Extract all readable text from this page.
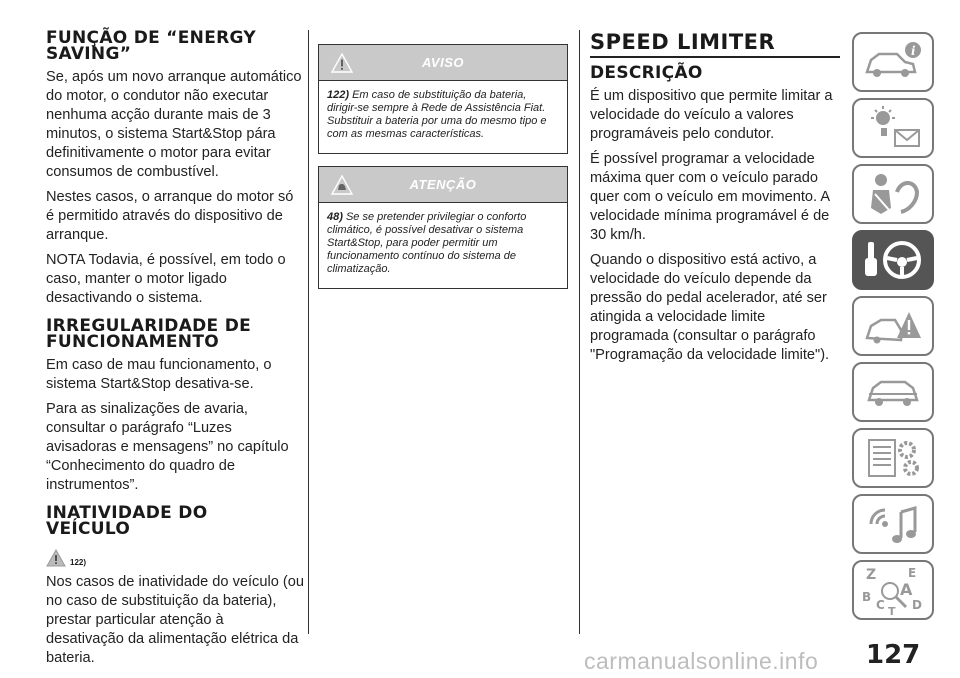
FUNÇÃO DE “ENERGY
SAVING”

Se, após um novo arranque automático do motor, o condutor não executar nenhuma acção durante mais de 3 minutos, o sistema Start&Stop pára definitivamente o motor para evitar consumos de combustível.

Nestes casos, o arranque do motor só é permitido através do dispositivo de arranque.

NOTA Todavia, é possível, em todo o caso, manter o motor ligado desactivando o sistema.

IRREGULARIDADE DE
FUNCIONAMENTO

Em caso de mau funcionamento, o sistema Start&Stop desativa-se.

Para as sinalizações de avaria, consultar o parágrafo “Luzes avisadoras e mensagens” no capítulo “Conhecimento do quadro de instrumentos”.

INATIVIDADE DO
VEÍCULO
122)

Nos casos de inatividade do veículo (ou no caso de substituição da bateria), prestar particular atenção à desativação da alimentação elétrica da bateria.

AVISO
122) Em caso de substituição da bateria, dirigir-se sempre à Rede de Assistência Fiat. Substituir a bateria por uma do mesmo tipo e com as mesmas características.
ATENÇÃO
48) Se se pretender privilegiar o conforto climático, é possível desativar o sistema Start&Stop, para poder permitir um funcionamento contínuo do sistema de climatização.
SPEED LIMITER
DESCRIÇÃO

É um dispositivo que permite limitar a velocidade do veículo a valores programáveis pelo condutor.

É possível programar a velocidade máxima quer com o veículo parado quer com o veículo em movimento. A velocidade mínima programável é de 30 km/h.

Quando o dispositivo está activo, a velocidade do veículo depende da pressão do pedal acelerador, até ser atingida a velocidade limite programada (consultar o parágrafo "Programação da velocidade limite").

i
Z	E
A
B
C T D
carmanualsonline.info 127
